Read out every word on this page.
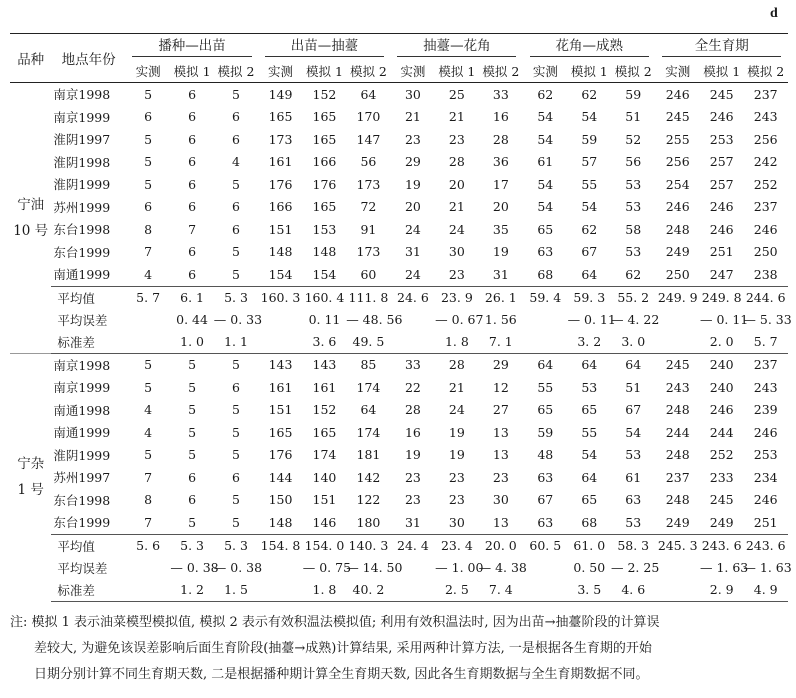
d
品种	地点年份	播种—出苗			出苗—抽薹			抽薹—花角			花角—成熟			全生育期		
		实测	模拟 1	模拟 2	实测	模拟 1	模拟 2	实测	模拟 1	模拟 2	实测	模拟 1	模拟 2	实测	模拟 1	模拟 2

宁油
10 号	南京1998	5	6	5	149	152	64	30	25	33	62	62	59	246	245	237
	南京1999	6	6	6	165	165	170	21	21	16	54	54	51	245	246	243
	淮阴1997	5	6	6	173	165	147	23	23	28	54	59	52	255	253	256
	淮阴1998	5	6	4	161	166	56	29	28	36	61	57	56	256	257	242
	淮阴1999	5	6	5	176	176	173	19	20	17	54	55	53	254	257	252
	苏州1999	6	6	6	166	165	72	20	21	20	54	54	53	246	246	237
	东台1998	8	7	6	151	153	91	24	24	35	65	62	58	248	246	246
	东台1999	7	6	5	148	148	173	31	30	19	63	67	53	249	251	250
	南通1999	4	6	5	154	154	60	24	23	31	68	64	62	250	247	238
	平均值	5. 7	6. 1	5. 3	160. 3	160. 4	111. 8	24. 6	23. 9	26. 1	59. 4	59. 3	55. 2	249. 9	249. 8	244. 6
	平均误差		0. 44	— 0. 33		0. 11	— 48. 56		— 0. 67	1. 56		— 0. 11	— 4. 22		— 0. 11	— 5. 33
	标准差		1. 0	1. 1		3. 6	49. 5		1. 8	7. 1		3. 2	3. 0		2. 0	5. 7

宁杂
1 号	南京1998	5	5	5	143	143	85	33	28	29	64	64	64	245	240	237
	南京1999	5	5	6	161	161	174	22	21	12	55	53	51	243	240	243
	南通1998	4	5	5	151	152	64	28	24	27	65	65	67	248	246	239
	南通1999	4	5	5	165	165	174	16	19	13	59	55	54	244	244	246
	淮阴1999	5	5	5	176	174	181	19	19	13	48	54	53	248	252	253
	苏州1997	7	6	6	144	140	142	23	23	23	63	64	61	237	233	234
	东台1998	8	6	5	150	151	122	23	23	30	67	65	63	248	245	246
	东台1999	7	5	5	148	146	180	31	30	13	63	68	53	249	249	251
	平均值	5. 6	5. 3	5. 3	154. 8	154. 0	140. 3	24. 4	23. 4	20. 0	60. 5	61. 0	58. 3	245. 3	243. 6	243. 6
	平均误差		— 0. 38	— 0. 38		— 0. 75	— 14. 50		— 1. 00	— 4. 38		0. 50	— 2. 25		— 1. 63	— 1. 63
	标准差		1. 2	1. 5		1. 8	40. 2		2. 5	7. 4		3. 5	4. 6		2. 9	4. 9
注: 模拟 1 表示油菜模型模拟值, 模拟 2 表示有效积温法模拟值; 利用有效积温法时, 因为出苗→抽薹阶段的计算误

差较大, 为避免该误差影响后面生育阶段(抽薹→成熟)计算结果, 采用两种计算方法, 一是根据各生育期的开始
日期分别计算不同生育期天数, 二是根据播种期计算全生育期天数, 因此各生育期数据与全生育期数据不同。
